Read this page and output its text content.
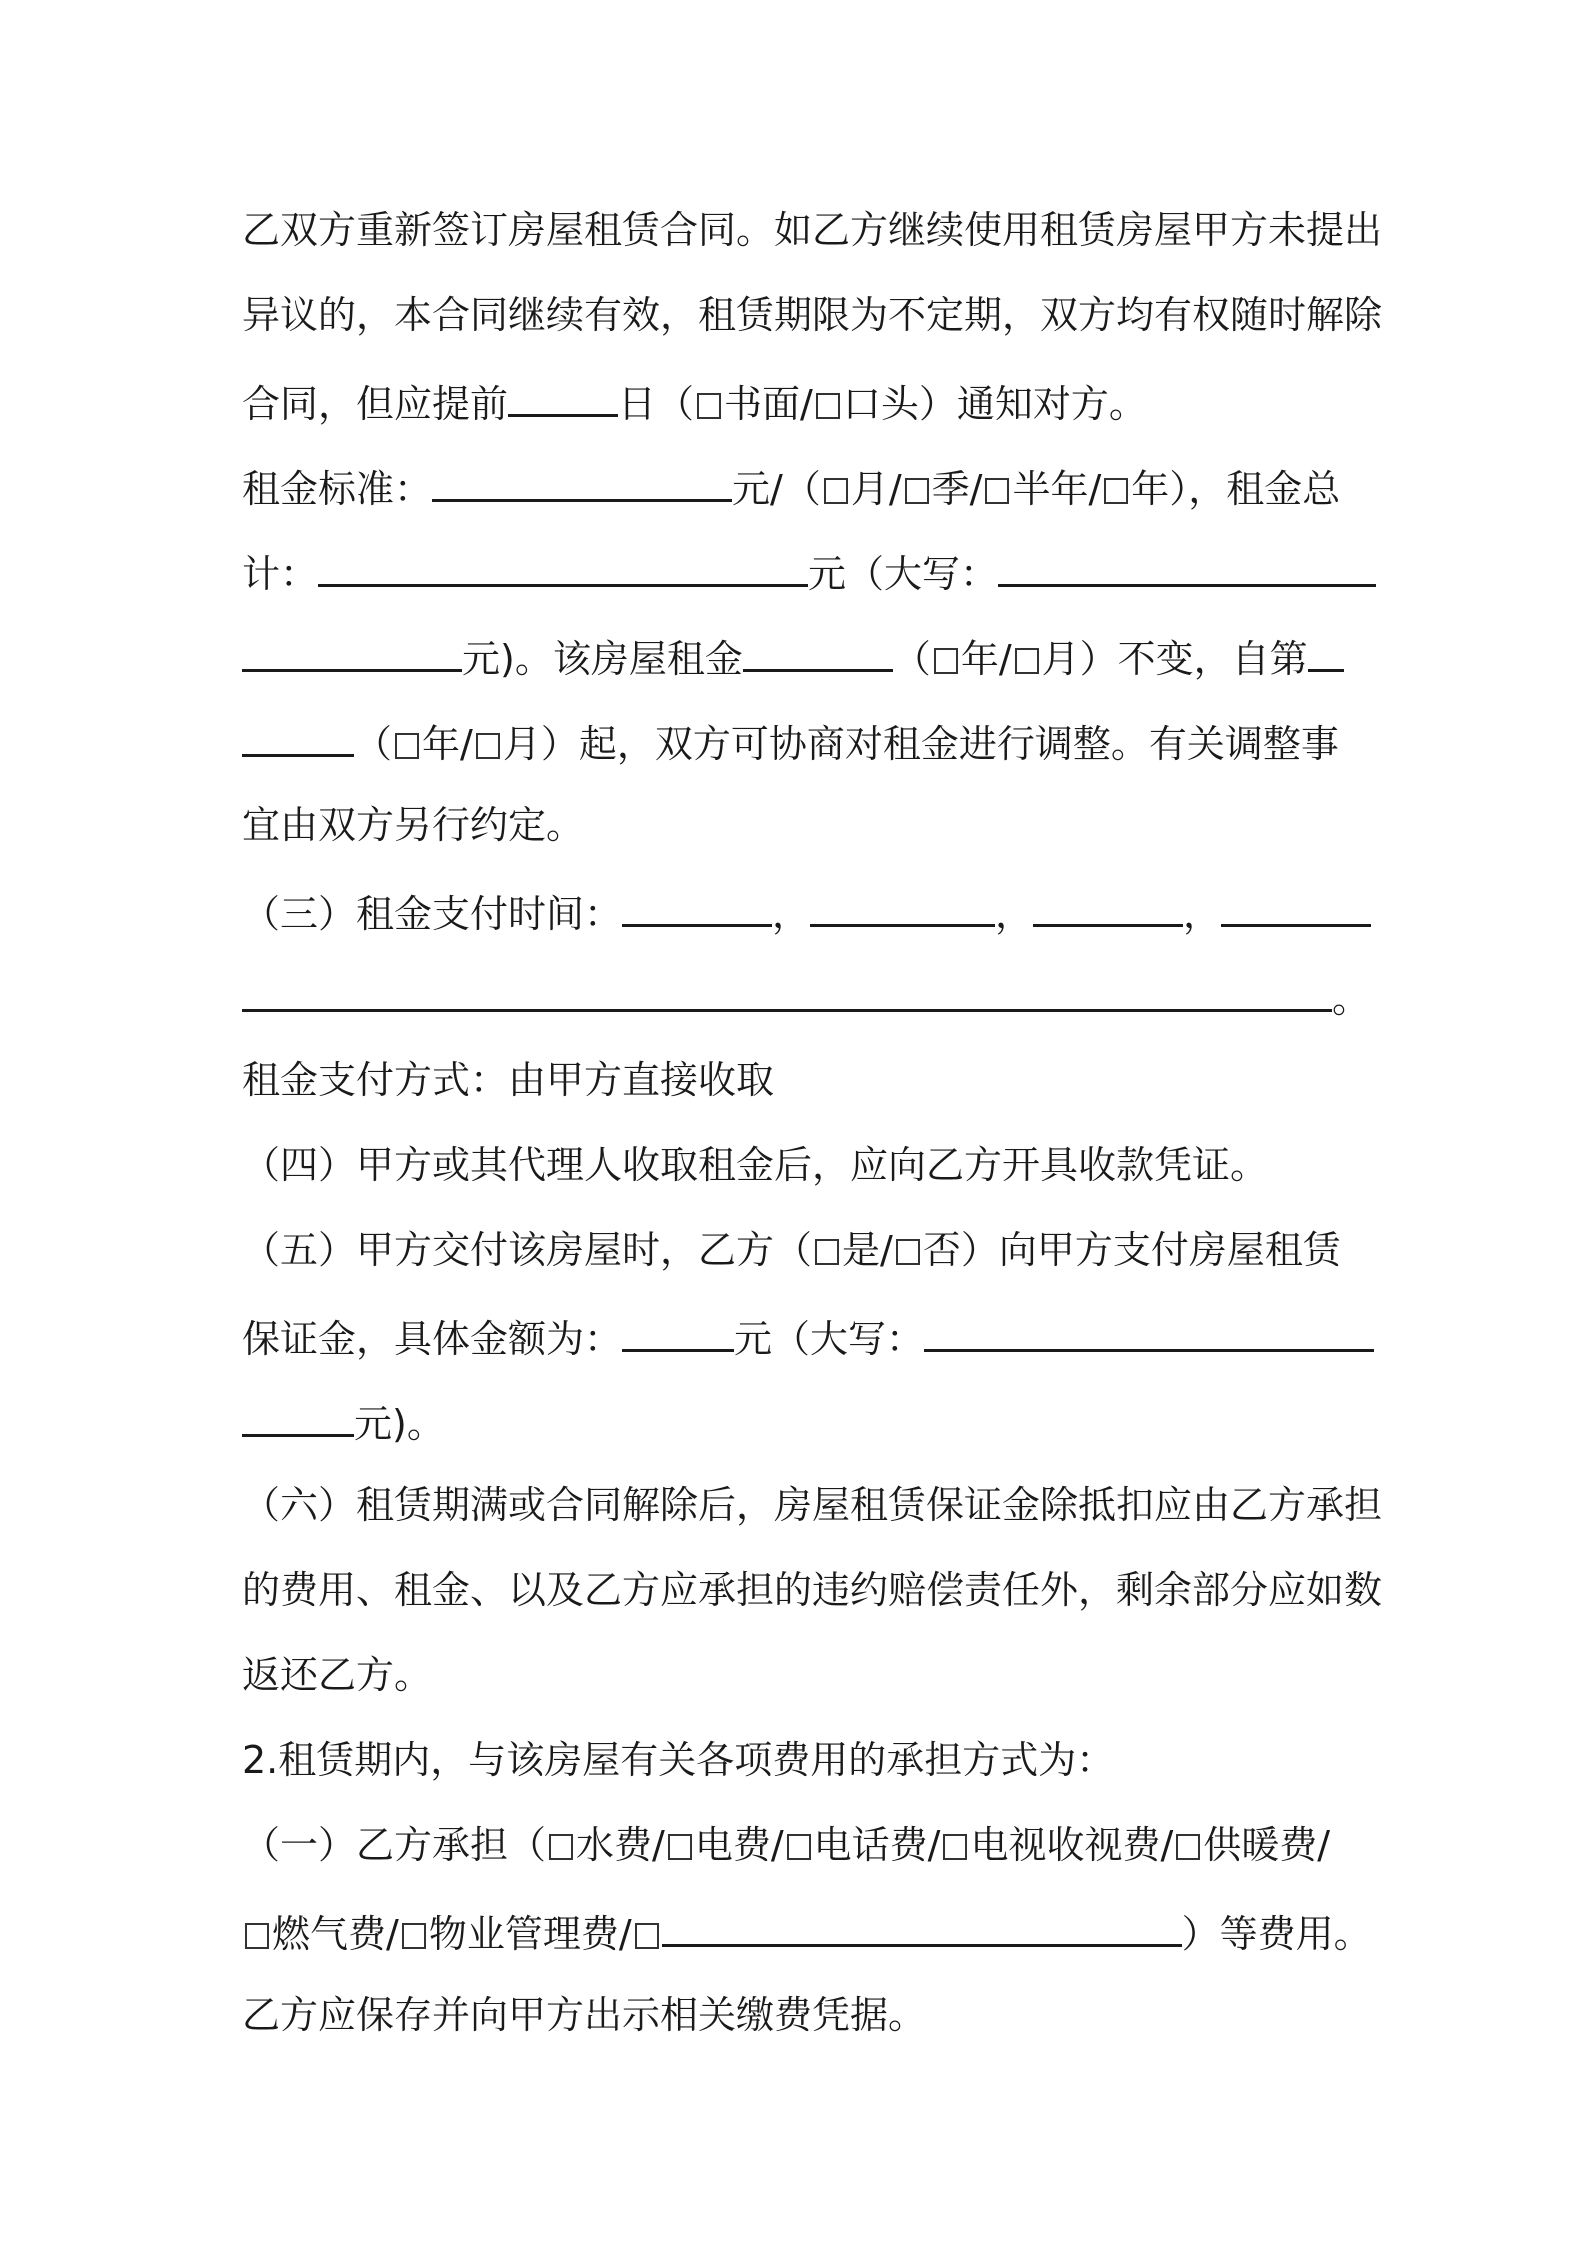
乙双方重新签订房屋租赁合同。如乙方继续使用租赁房屋甲方未提出
异议的，本合同继续有效，租赁期限为不定期，双方均有权随时解除
合同，但应提前	日（ 书面/ 口头）通知对方。
租金标准：	元/（ 月/ 季/ 半年/ 年），租金总
计：	元（大写：
元)。该房屋租金	（ 年/ 月）不变，自第
（ 年/ 月）起，双方可协商对租金进行调整。有关调整事
宜由双方另行约定。
（三）租金支付时间：	，	，	，
。
租金支付方式：由甲方直接收取
（四）甲方或其代理人收取租金后，应向乙方开具收款凭证。
（五）甲方交付该房屋时，乙方（ 是/ 否）向甲方支付房屋租赁
保证金，具体金额为：	元（大写：
元)。
（六）租赁期满或合同解除后，房屋租赁保证金除抵扣应由乙方承担
的费用、租金、以及乙方应承担的违约赔偿责任外，剩余部分应如数
返还乙方。
2.租赁期内，与该房屋有关各项费用的承担方式为：
（一）乙方承担（ 水费/ 电费/ 电话费/ 电视收视费/ 供暖费/
燃气费/ 物业管理费/	）等费用。
乙方应保存并向甲方出示相关缴费凭据。
